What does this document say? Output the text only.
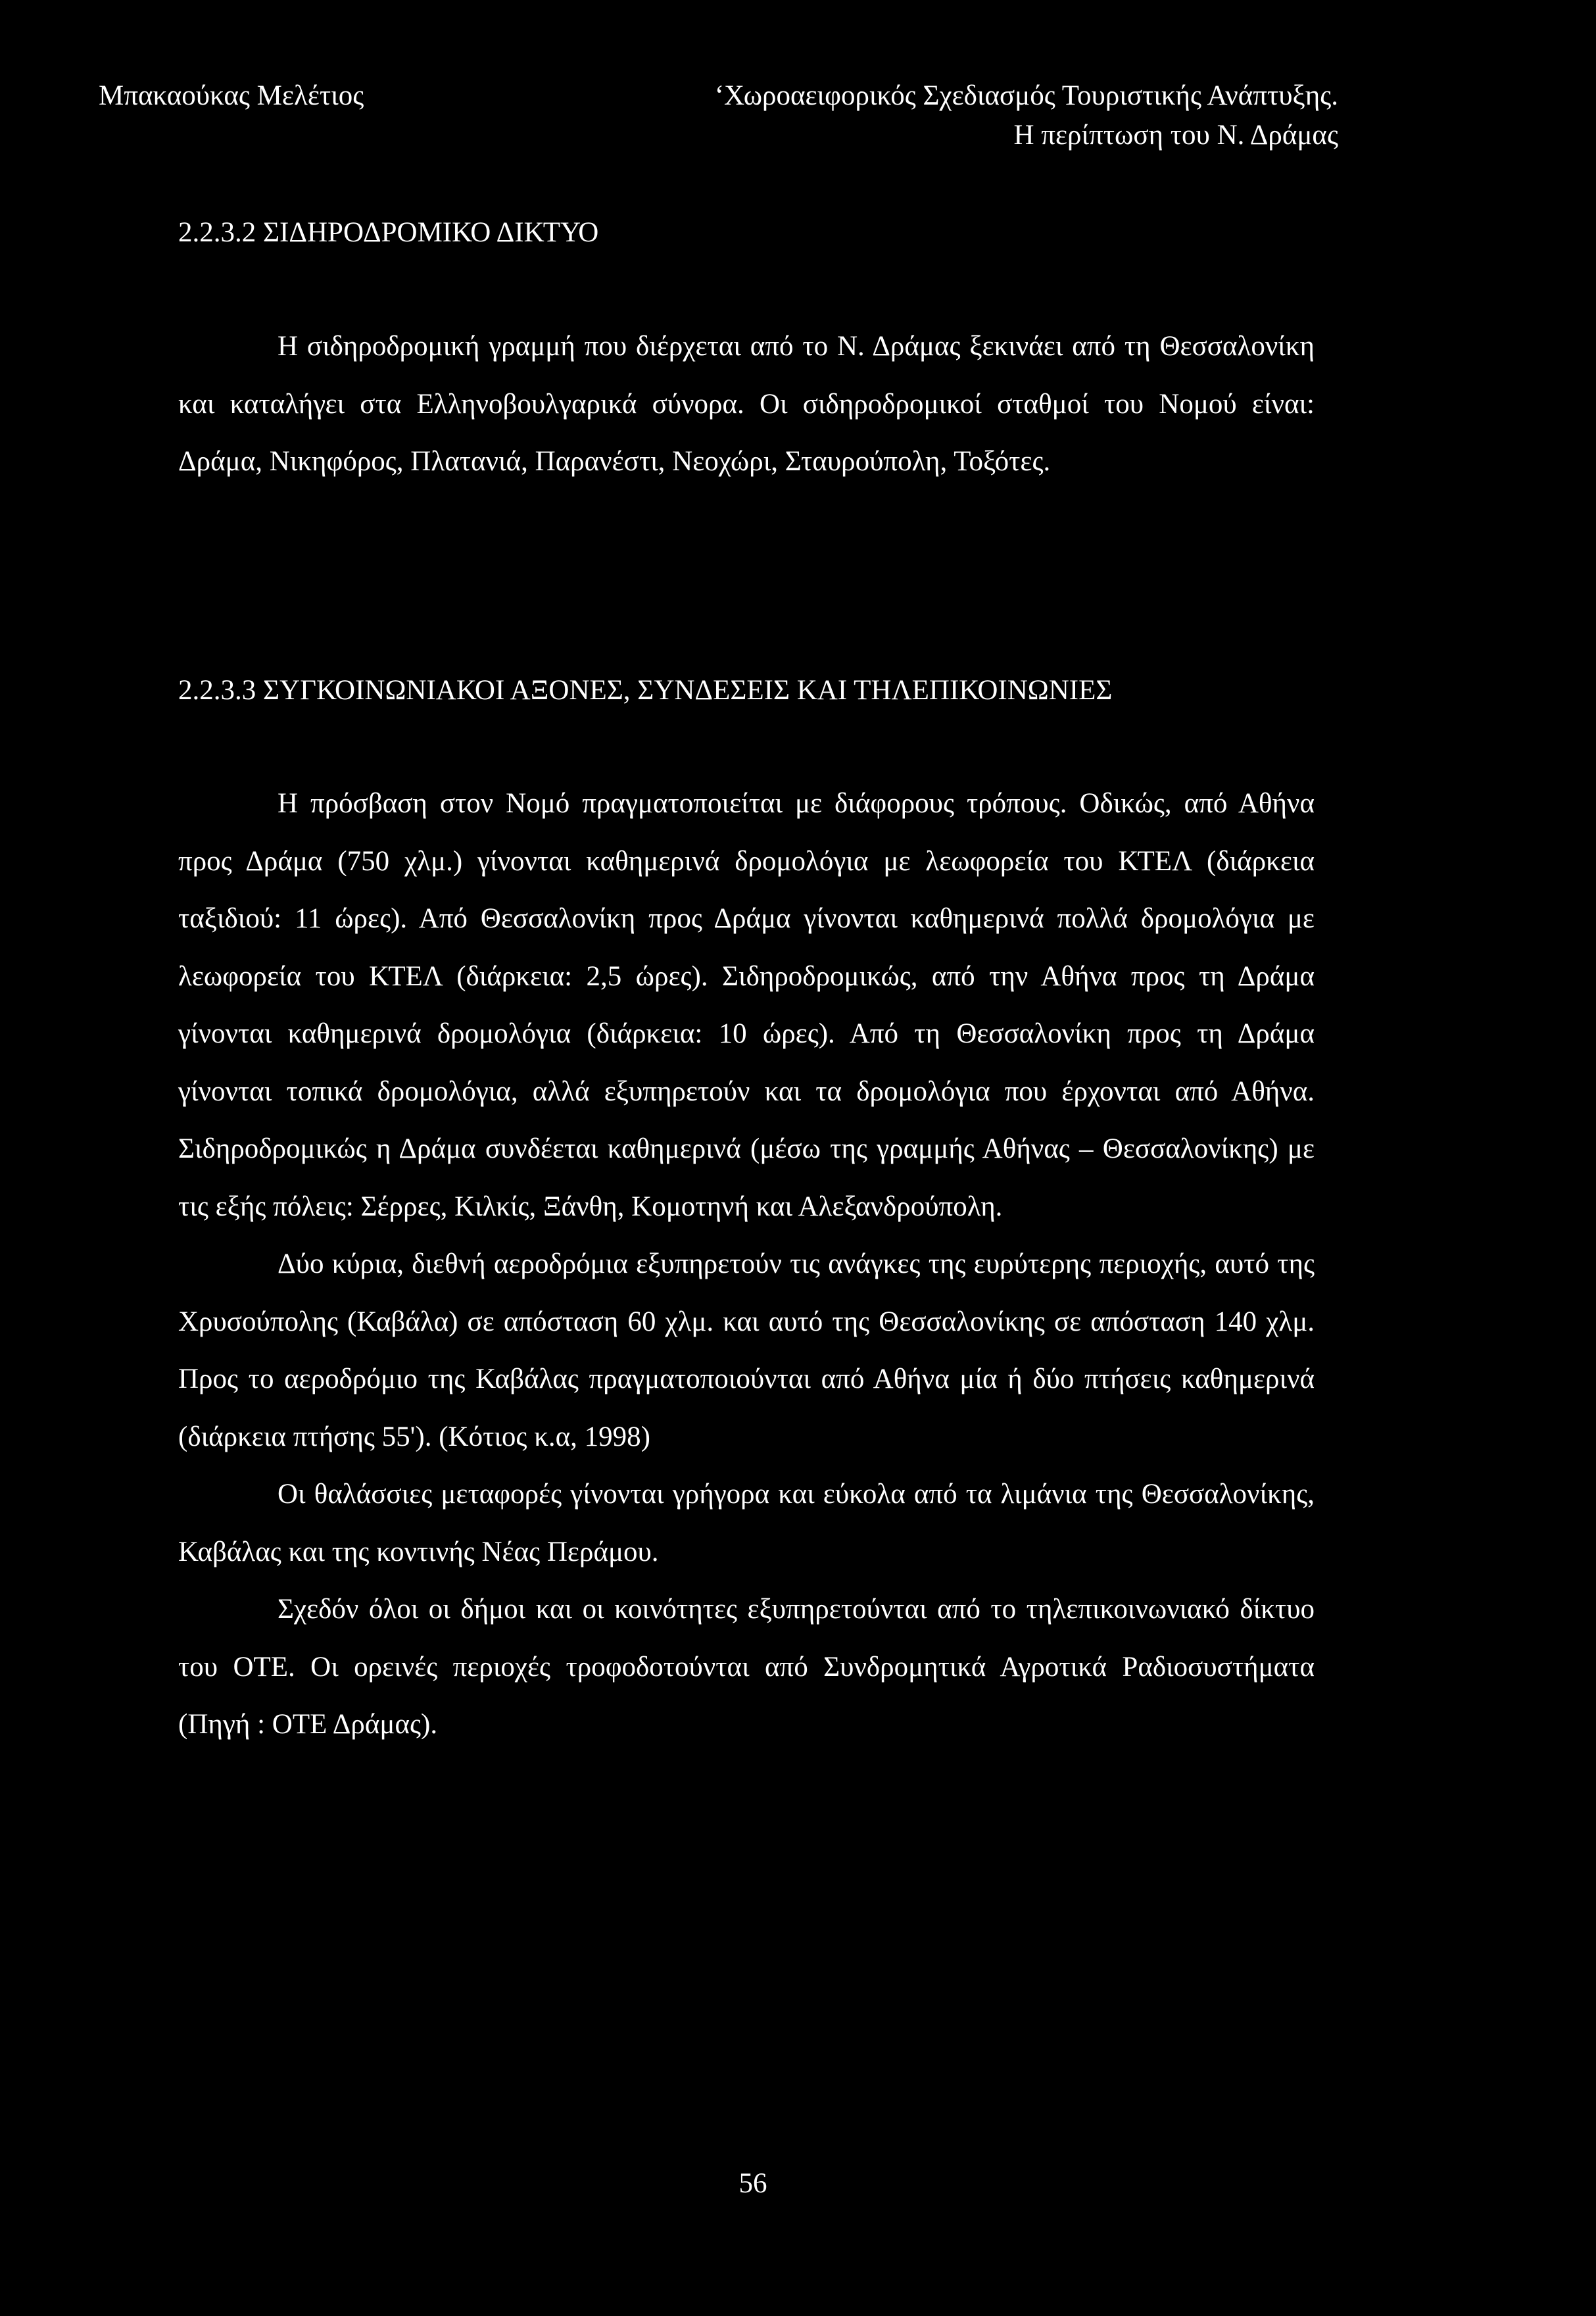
Μπακαούκας Μελέτιος	‘Χωροαειφορικός Σχεδιασμός Τουριστικής Ανάπτυξης.
Η περίπτωση του Ν. Δράμας
2.2.3.2 ΣΙΔΗΡΟΔΡΟΜΙΚΟ ΔΙΚΤΥΟ

Η σιδηροδρομική γραμμή που διέρχεται από το Ν. Δράμας ξεκινάει από τη Θεσσαλονίκη και καταλήγει στα Ελληνοβουλγαρικά σύνορα. Οι σιδηροδρομικοί σταθμοί του Νομού είναι: Δράμα, Νικηφόρος, Πλατανιά, Παρανέστι, Νεοχώρι, Σταυρούπολη, Τοξότες.

2.2.3.3 ΣΥΓΚΟΙΝΩΝΙΑΚΟΙ ΑΞΟΝΕΣ, ΣΥΝΔΕΣΕΙΣ ΚΑΙ ΤΗΛΕΠΙΚΟΙΝΩΝΙΕΣ

Η πρόσβαση στον Νομό πραγματοποιείται με διάφορους τρόπους. Οδικώς, από Αθήνα προς Δράμα (750 χλμ.) γίνονται καθημερινά δρομολόγια με λεωφορεία του ΚΤΕΛ (διάρκεια ταξιδιού: 11 ώρες). Από Θεσσαλονίκη προς Δράμα γίνονται καθημερινά πολλά δρομολόγια με λεωφορεία του ΚΤΕΛ (διάρκεια: 2,5 ώρες). Σιδηροδρομικώς, από την Αθήνα προς τη Δράμα γίνονται καθημερινά δρομολόγια (διάρκεια: 10 ώρες). Από τη Θεσσαλονίκη προς τη Δράμα γίνονται τοπικά δρομολόγια, αλλά εξυπηρετούν και τα δρομολόγια που έρχονται από Αθήνα. Σιδηροδρομικώς η Δράμα συνδέεται καθημερινά (μέσω της γραμμής Αθήνας – Θεσσαλονίκης) με τις εξής πόλεις: Σέρρες, Κιλκίς, Ξάνθη, Κομοτηνή και Αλεξανδρούπολη.

Δύο κύρια, διεθνή αεροδρόμια εξυπηρετούν τις ανάγκες της ευρύτερης περιοχής, αυτό της Χρυσούπολης (Καβάλα) σε απόσταση 60 χλμ. και αυτό της Θεσσαλονίκης σε απόσταση 140 χλμ. Προς το αεροδρόμιο της Καβάλας πραγματοποιούνται από Αθήνα μία ή δύο πτήσεις καθημερινά (διάρκεια πτήσης 55'). (Κότιος κ.α, 1998)

Οι θαλάσσιες μεταφορές γίνονται γρήγορα και εύκολα από τα λιμάνια της Θεσσαλονίκης, Καβάλας και της κοντινής Νέας Περάμου.

Σχεδόν όλοι οι δήμοι και οι κοινότητες εξυπηρετούνται από το τηλεπικοινωνιακό δίκτυο του ΟΤΕ. Οι ορεινές περιοχές τροφοδοτούνται από Συνδρομητικά Αγροτικά Ραδιοσυστήματα (Πηγή : ΟΤΕ Δράμας).

56
